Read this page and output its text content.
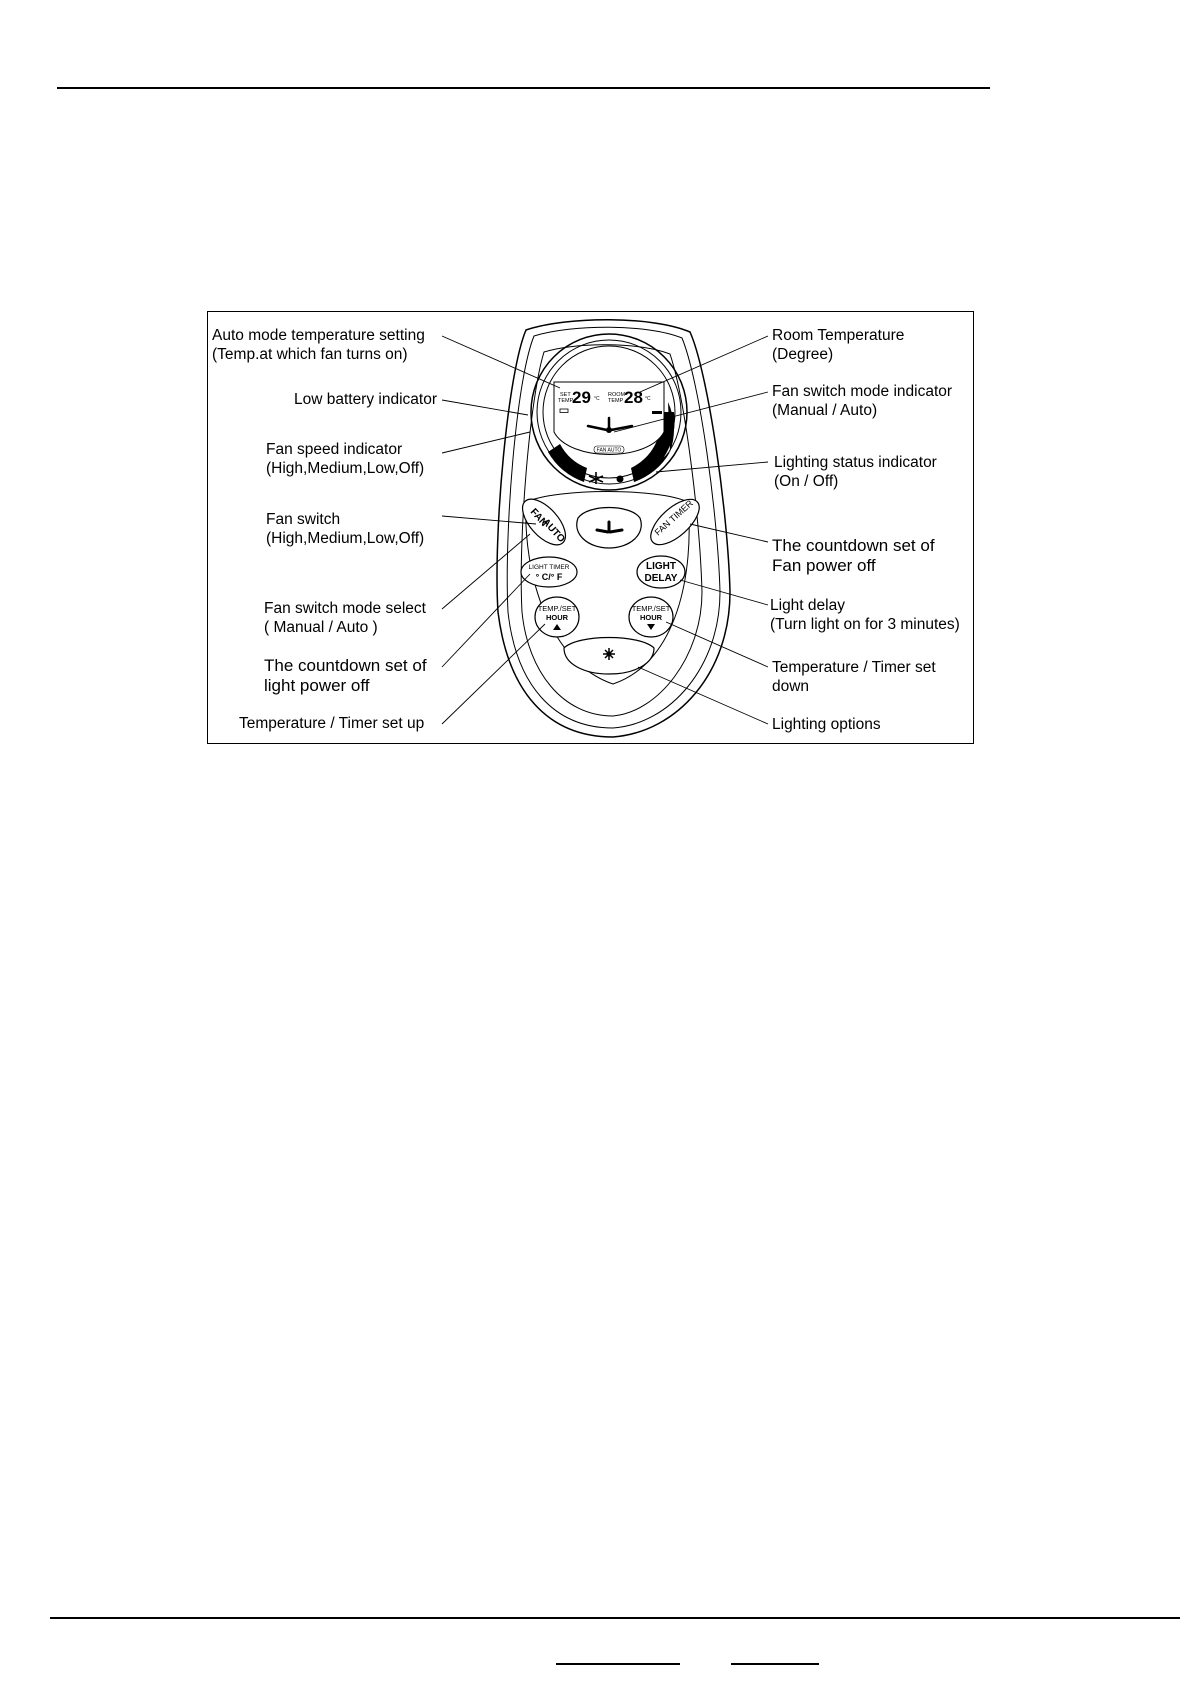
SET
TEMP
29 °C
ROOM
TEMP 28 °C
FAN AUTO
FAN
AUTO	FAN TIMER
LIGHT TIMER
° C/° F
LIGHT
DELAY
TEMP./SET
HOUR
TEMP./SET
HOUR
Auto mode temperature setting
(Temp.at which fan turns on)
Low battery indicator
Fan speed indicator
(High,Medium,Low,Off)
Fan switch
(High,Medium,Low,Off)
Fan switch mode select
( Manual / Auto )
The countdown set of
light power off
Temperature / Timer set up
Room Temperature
(Degree)
Fan switch mode indicator
(Manual / Auto)
Lighting status indicator
(On / Off)
The countdown set of
Fan power off
Light delay
(Turn light on for 3 minutes)
Temperature / Timer set
down
Lighting options
